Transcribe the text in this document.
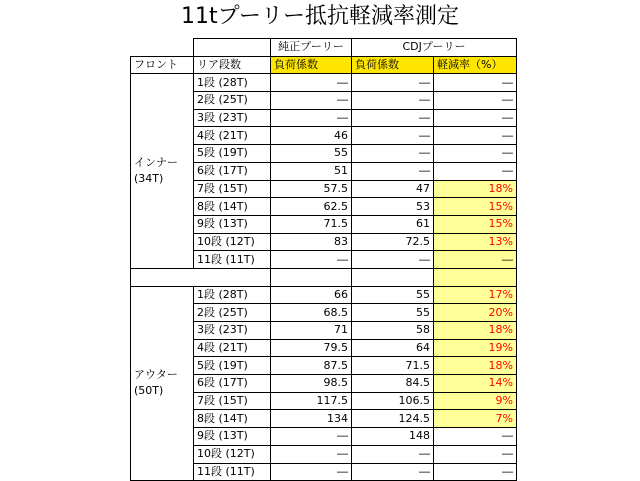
11tプーリー抵抗軽減率測定
		純正プーリー	CDJプーリー	
フロント	リア段数	負荷係数	負荷係数	軽減率（%）

インナー
(34T)	1段 (28T)	―	―	―
	2段 (25T)	―	―	―
	3段 (23T)	―	―	―
	4段 (21T)	46	―	―
	5段 (19T)	55	―	―
	6段 (17T)	51	―	―
	7段 (15T)	57.5	47	18%
	8段 (14T)	62.5	53	15%
	9段 (13T)	71.5	61	15%
	10段 (12T)	83	72.5	13%
	11段 (11T)	―	―	―

アウター
(50T)	1段 (28T)	66	55	17%
	2段 (25T)	68.5	55	20%
	3段 (23T)	71	58	18%
	4段 (21T)	79.5	64	19%
	5段 (19T)	87.5	71.5	18%
	6段 (17T)	98.5	84.5	14%
	7段 (15T)	117.5	106.5	9%
	8段 (14T)	134	124.5	7%
	9段 (13T)	―	148	―
	10段 (12T)	―	―	―
	11段 (11T)	―	―	―
